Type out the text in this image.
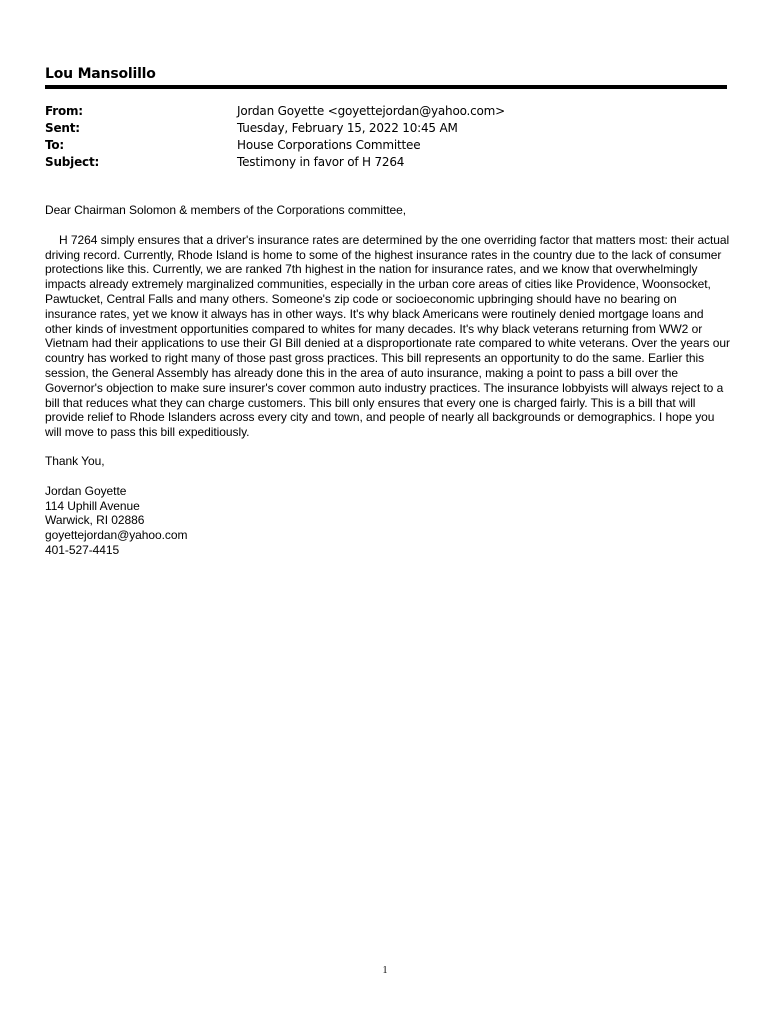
Lou Mansolillo
From:	Jordan Goyette <goyettejordan@yahoo.com>
Sent:	Tuesday, February 15, 2022 10:45 AM
To:	House Corporations Committee
Subject:	Testimony in favor of H 7264

Dear Chairman Solomon & members of the Corporations committee,

H 7264 simply ensures that a driver's insurance rates are determined by the one overriding factor that matters most: their actual driving record. Currently, Rhode Island is home to some of the highest insurance rates in the country due to the lack of consumer protections like this. Currently, we are ranked 7th highest in the nation for insurance rates, and we know that overwhelmingly impacts already extremely marginalized communities, especially in the urban core areas of cities like Providence, Woonsocket, Pawtucket, Central Falls and many others. Someone's zip code or socioeconomic upbringing should have no bearing on insurance rates, yet we know it always has in other ways. It's why black Americans were routinely denied mortgage loans and other kinds of investment opportunities compared to whites for many decades. It's why black veterans returning from WW2 or Vietnam had their applications to use their GI Bill denied at a disproportionate rate compared to white veterans. Over the years our country has worked to right many of those past gross practices. This bill represents an opportunity to do the same. Earlier this session, the General Assembly has already done this in the area of auto insurance, making a point to pass a bill over the Governor's objection to make sure insurer's cover common auto industry practices. The insurance lobbyists will always reject to a bill that reduces what they can charge customers. This bill only ensures that every one is charged fairly. This is a bill that will provide relief to Rhode Islanders across every city and town, and people of nearly all backgrounds or demographics. I hope you will move to pass this bill expeditiously.

Thank You,

Jordan Goyette
114 Uphill Avenue
Warwick, RI 02886
goyettejordan@yahoo.com
401-527-4415
1
